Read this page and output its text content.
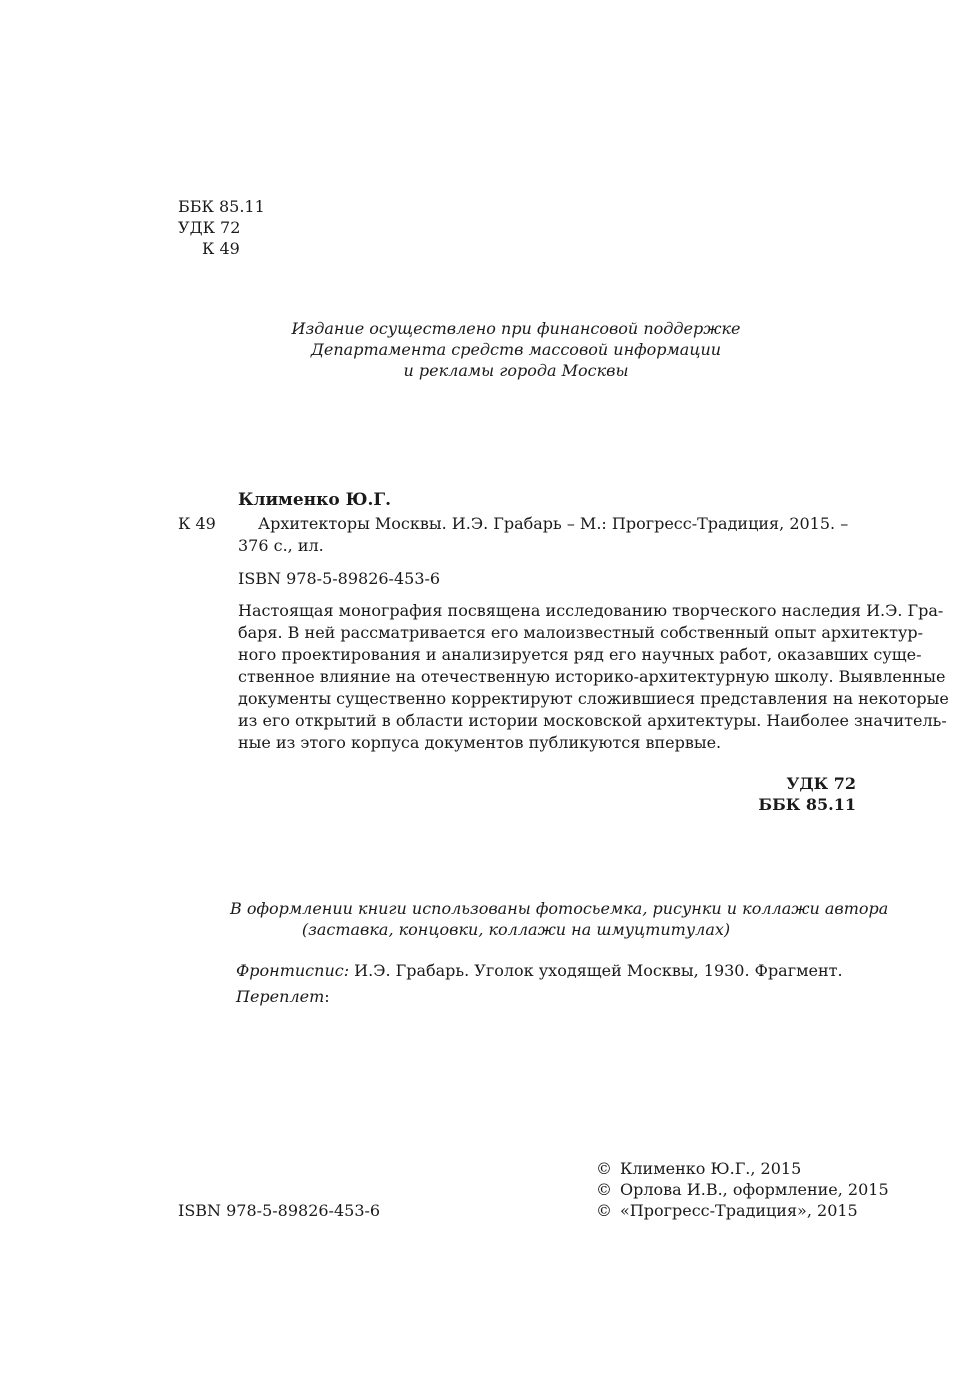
ББК 85.11
УДК 72
К 49
Издание осуществлено при финансовой поддержке
Департамента средств массовой информации
и рекламы города Москвы
Клименко Ю.Г.
К 49	Архитекторы Москвы. И.Э. Грабарь – М.: Прогресс-Традиция, 2015. –
376 с., ил.
ISBN 978-5-89826-453-6
Настоящая монография посвящена исследованию творческого наследия И.Э. Гра-
баря. В ней рассматривается его малоизвестный собственный опыт архитектур-
ного проектирования и анализируется ряд его научных работ, оказавших суще-
ственное влияние на отечественную историко-архитектурную школу. Выявленные
документы существенно корректируют сложившиеся представления на некоторые
из его открытий в области истории московской архитектуры. Наиболее значитель-
ные из этого корпуса документов публикуются впервые.
УДК 72
ББК 85.11
В оформлении книги использованы фотосьемка, рисунки и коллажи автора
(заставка, концовки, коллажи на шмуцтитулах)
Фронтиспис: И.Э. Грабарь. Уголок уходящей Москвы, 1930. Фрагмент.
Переплет:
ISBN 978-5-89826-453-6
© Клименко Ю.Г., 2015
© Орлова И.В., оформление, 2015
© «Прогресс-Традиция», 2015
